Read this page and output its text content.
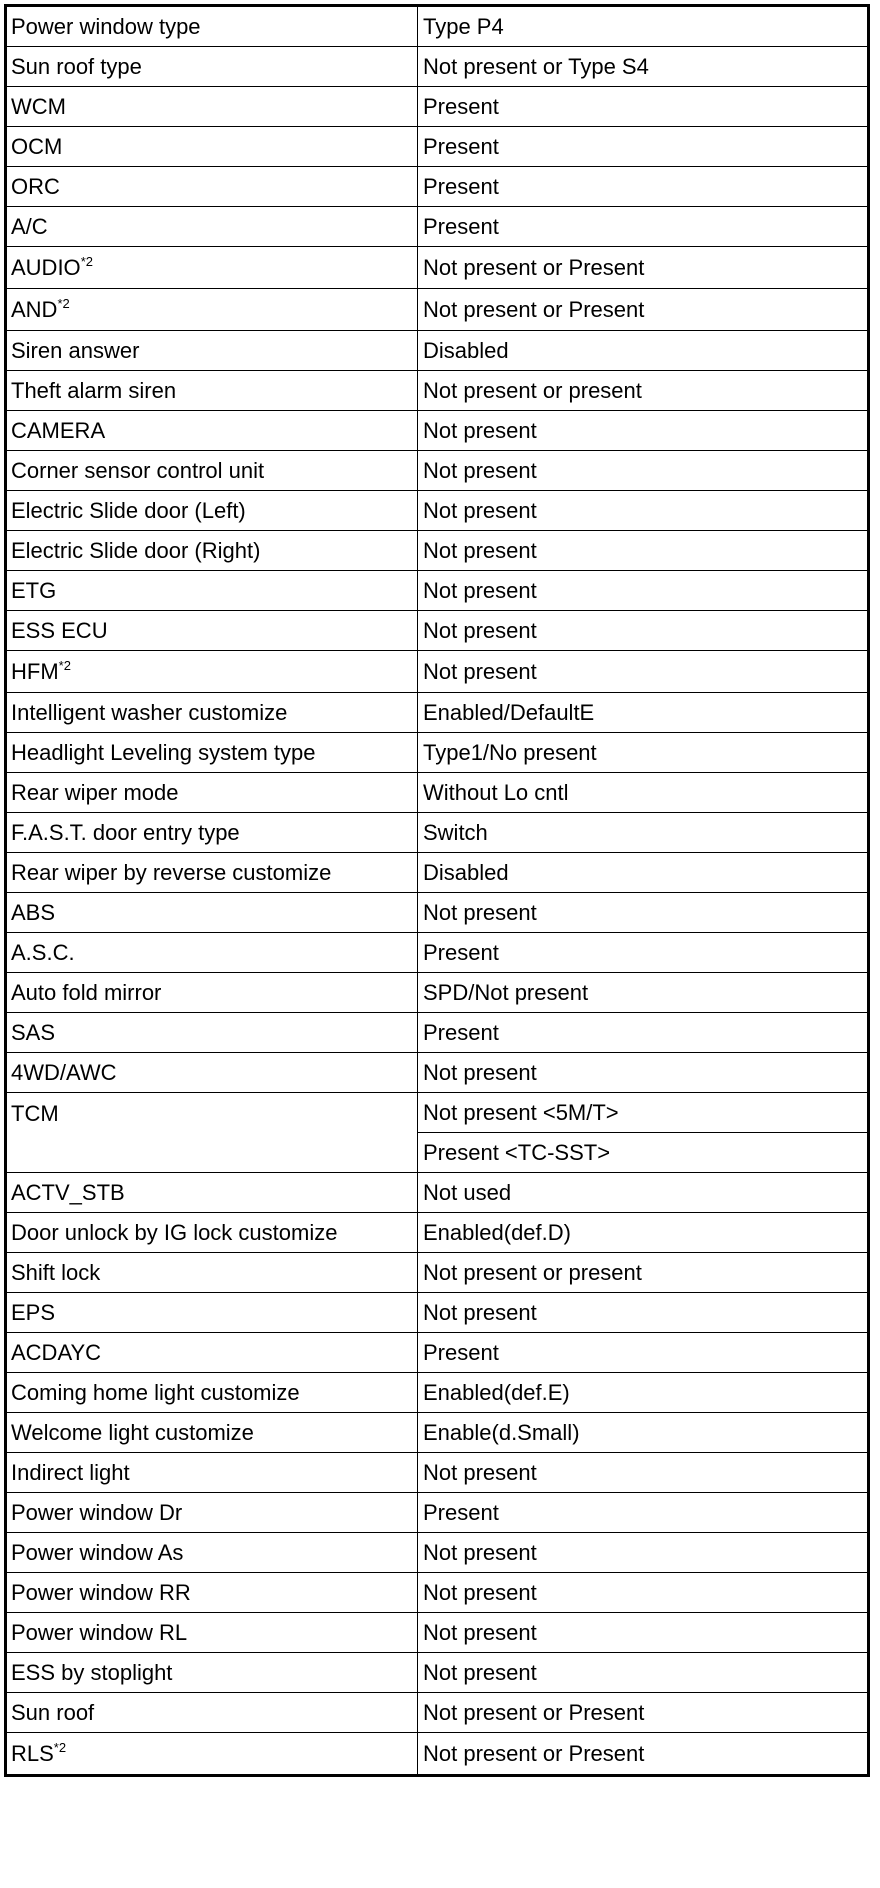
Power window type	Type P4
Sun roof type	Not present or Type S4
WCM	Present
OCM	Present
ORC	Present
A/C	Present
AUDIO$^{*2}$	Not present or Present
AND$^{*2}$	Not present or Present
Siren answer	Disabled
Theft alarm siren	Not present or present
CAMERA	Not present
Corner sensor control unit	Not present
Electric Slide door (Left)	Not present
Electric Slide door (Right)	Not present
ETG	Not present
ESS ECU	Not present
HFM$^{*2}$	Not present
Intelligent washer customize	Enabled/DefaultE
Headlight Leveling system type	Type1/No present
Rear wiper mode	Without Lo cntl
F.A.S.T. door entry type	Switch
Rear wiper by reverse customize	Disabled
ABS	Not present
A.S.C.	Present
Auto fold mirror	SPD/Not present
SAS	Present
4WD/AWC	Not present
TCM	Not present <5M/T>
	Present <TC-SST>
ACTV_STB	Not used
Door unlock by IG lock customize	Enabled(def.D)
Shift lock	Not present or present
EPS	Not present
ACDAYC	Present
Coming home light customize	Enabled(def.E)
Welcome light customize	Enable(d.Small)
Indirect light	Not present
Power window Dr	Present
Power window As	Not present
Power window RR	Not present
Power window RL	Not present
ESS by stoplight	Not present
Sun roof	Not present or Present
RLS$^{*2}$	Not present or Present
